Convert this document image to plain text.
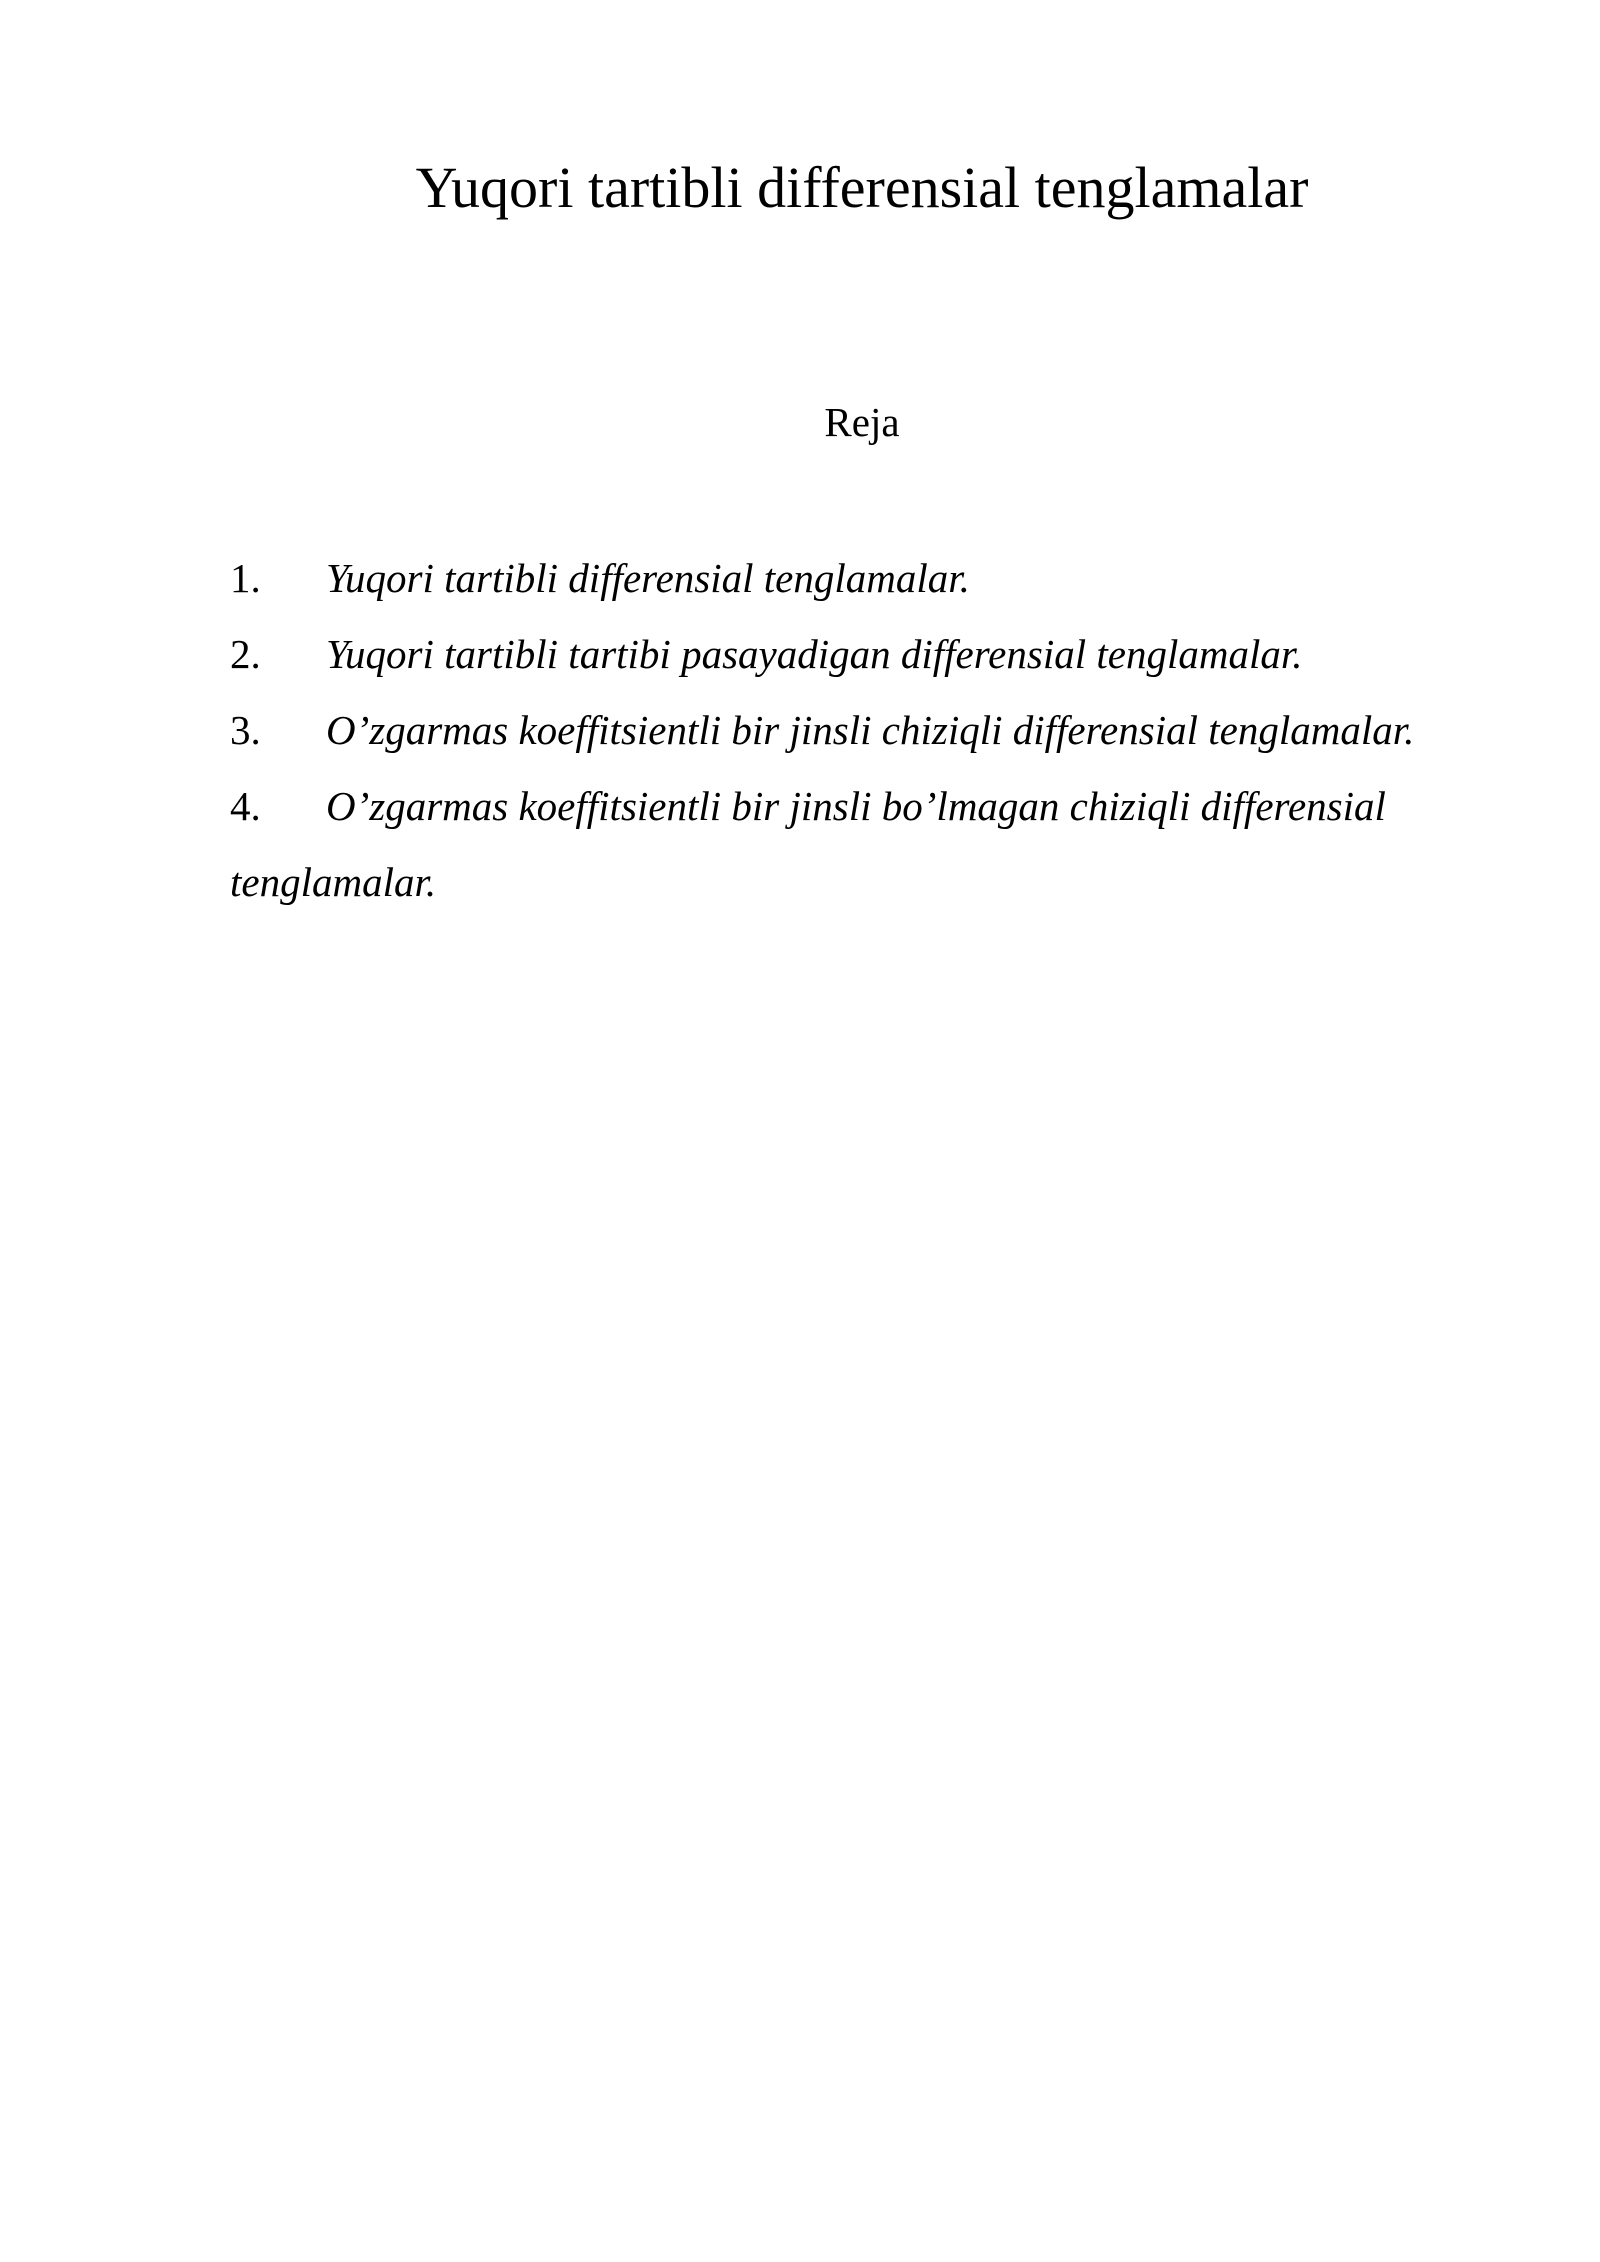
Yuqori tartibli differensial tenglamalar
Reja
1. Yuqori tartibli differensial tenglamalar.
2. Yuqori tartibli tartibi pasayadigan differensial tenglamalar.
3. O’zgarmas koeffitsientli bir jinsli chiziqli differensial tenglamalar.
4. O’zgarmas koeffitsientli bir jinsli bo’lmagan chiziqli differensial tenglamalar.
